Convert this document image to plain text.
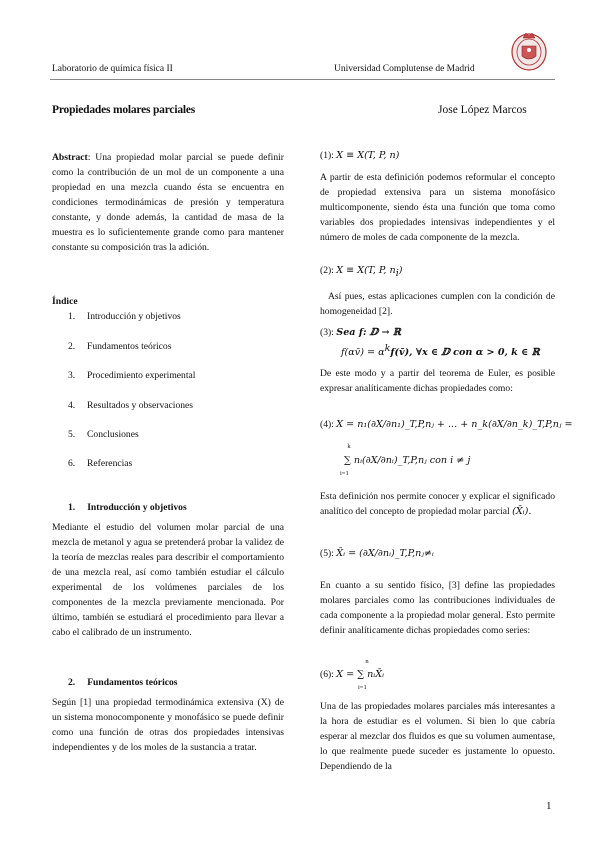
Laboratorio de química física II	Universidad Complutense de Madrid
Propiedades molares parciales	Jose López Marcos

Abstract: Una propiedad molar parcial se puede definir como la contribución de un mol de un componente a una propiedad en una mezcla cuando ésta se encuentra en condiciones termodinámicas de presión y temperatura constante, y donde además, la cantidad de masa de la muestra es lo suficientemente grande como para mantener constante su composición tras la adición.

Índice
1. Introducción y objetivos
2. Fundamentos teóricos
3. Procedimiento experimental
4. Resultados y observaciones
5. Conclusiones
6. Referencias
1.     Introducción y objetivos

Mediante el estudio del volumen molar parcial de una mezcla de metanol y agua se pretenderá probar la validez de la teoría de mezclas reales para describir el comportamiento de una mezcla real, así como también estudiar el cálculo experimental de los volúmenes parciales de los componentes de la mezcla previamente mencionada. Por último, también se estudiará el procedimiento para llevar a cabo el calibrado de un instrumento.

2.     Fundamentos teóricos

Según [1] una propiedad termodinámica extensiva (X) de un sistema monocomponente y monofásico se puede definir como una función de otras dos propiedades intensivas independientes y de los moles de la sustancia a tratar.

(1): X ≡ X(T, P, n)

A partir de esta definición podemos reformular el concepto de propiedad extensiva para un sistema monofásico multicomponente, siendo ésta una función que toma como variables dos propiedades intensivas independientes y el número de moles de cada componente de la mezcla.

(2): X ≡ X(T, P, $n_i$)

Así pues, estas aplicaciones cumplen con la condición de homogeneidad [2].

(3): Sea f: ⅅ → ℝ
f(αv̄) = $\alpha^kf(v̄)$, ∀x ∈ ⅅ con α > 0, k ∈ ℝ

De este modo y a partir del teorema de Euler, es posible expresar analíticamente dichas propiedades como:

(4): X = n₁(∂X/∂n₁)_T,P,nⱼ + ... + n_k(∂X/∂n_k)_T,P,nⱼ =
k
∑ nᵢ(∂X/∂nᵢ)_T,P,nⱼ con i ≠ j
i=1

Esta definición nos permite conocer y explicar el significado analítico del concepto de propiedad molar parcial (X̄ᵢ).

(5): X̄ᵢ = (∂X/∂nᵢ)_T,P,nⱼ≠ᵢ

En cuanto a su sentido físico, [3] define las propiedades molares parciales como las contribuciones individuales de cada componente a la propiedad molar general. Esto permite definir analíticamente dichas propiedades como series:

n
(6): X = ∑ nᵢX̄ᵢ
i=1

Una de las propiedades molares parciales más interesantes a la hora de estudiar es el volumen. Si bien lo que cabría esperar al mezclar dos fluidos es que su volumen aumentase, lo que realmente puede suceder es justamente lo opuesto. Dependiendo de la

1
